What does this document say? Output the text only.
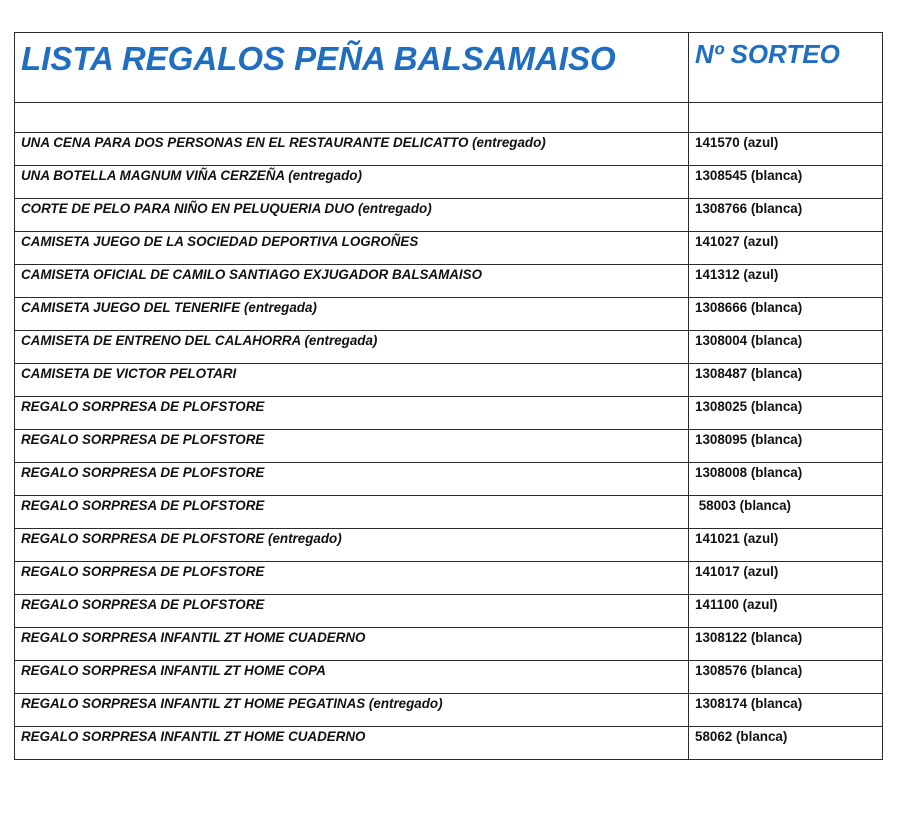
LISTA REGALOS PEÑA BALSAMAISO	Nº SORTEO

UNA CENA PARA DOS PERSONAS EN EL RESTAURANTE DELICATTO (entregado)	141570 (azul)
UNA BOTELLA MAGNUM VIÑA CERZEÑA (entregado)	1308545 (blanca)
CORTE DE PELO PARA NIÑO EN PELUQUERIA DUO (entregado)	1308766 (blanca)
CAMISETA JUEGO DE LA SOCIEDAD DEPORTIVA LOGROÑES	141027 (azul)
CAMISETA OFICIAL DE CAMILO SANTIAGO EXJUGADOR BALSAMAISO	141312 (azul)
CAMISETA JUEGO DEL TENERIFE (entregada)	1308666 (blanca)
CAMISETA DE ENTRENO DEL CALAHORRA (entregada)	1308004 (blanca)
CAMISETA DE VICTOR PELOTARI	1308487 (blanca)
REGALO SORPRESA DE PLOFSTORE	1308025 (blanca)
REGALO SORPRESA DE PLOFSTORE	1308095 (blanca)
REGALO SORPRESA DE PLOFSTORE	1308008 (blanca)
REGALO SORPRESA DE PLOFSTORE	58003 (blanca)
REGALO SORPRESA DE PLOFSTORE (entregado)	141021 (azul)
REGALO SORPRESA DE PLOFSTORE	141017 (azul)
REGALO SORPRESA DE PLOFSTORE	141100 (azul)
REGALO SORPRESA INFANTIL ZT HOME CUADERNO	1308122 (blanca)
REGALO SORPRESA INFANTIL ZT HOME COPA	1308576 (blanca)
REGALO SORPRESA INFANTIL ZT HOME PEGATINAS (entregado)	1308174 (blanca)
REGALO SORPRESA INFANTIL ZT HOME CUADERNO	58062 (blanca)
